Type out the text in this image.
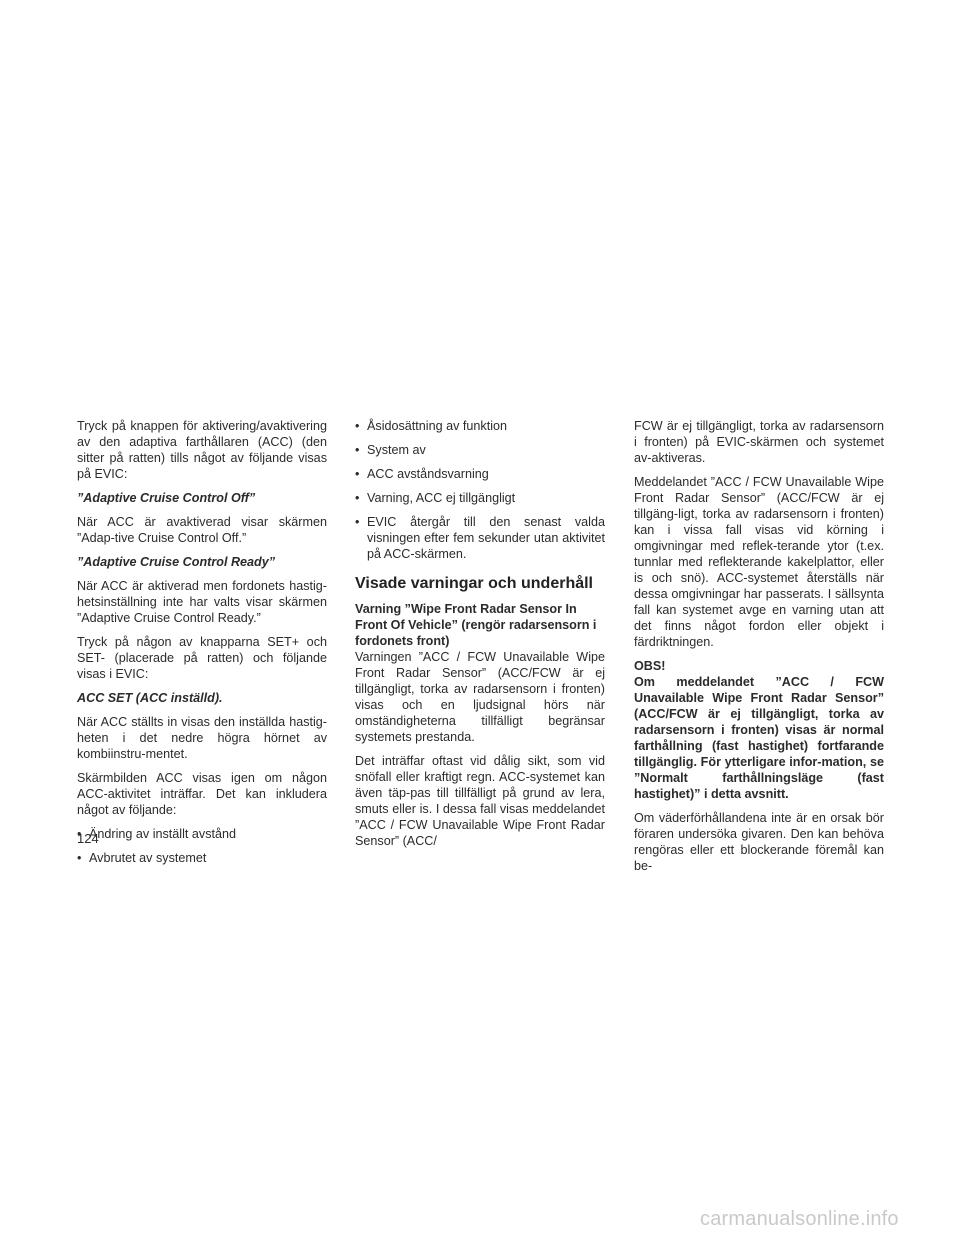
Tryck på knappen för aktivering/avaktivering av den adaptiva farthållaren (ACC) (den sitter på ratten) tills något av följande visas på EVIC:

”Adaptive Cruise Control Off”

När ACC är avaktiverad visar skärmen ”Adap-tive Cruise Control Off.”

”Adaptive Cruise Control Ready”

När ACC är aktiverad men fordonets hastig-hetsinställning inte har valts visar skärmen ”Adaptive Cruise Control Ready.”

Tryck på någon av knapparna SET+ och SET- (placerade på ratten) och följande visas i EVIC:

ACC SET (ACC inställd).

När ACC ställts in visas den inställda hastig-heten i det nedre högra hörnet av kombiinstru-mentet.

Skärmbilden ACC visas igen om någon ACC-aktivitet inträffar. Det kan inkludera något av följande:

• Ändring av inställt avstånd
• Avbrutet av systemet
• Åsidosättning av funktion
• System av
• ACC avståndsvarning
• Varning, ACC ej tillgängligt
• EVIC återgår till den senast valda visningen efter fem sekunder utan aktivitet på ACC-skärmen.
Visade varningar och underhåll

Varning ”Wipe Front Radar Sensor In Front Of Vehicle” (rengör radarsensorn i fordonets front)

Varningen ”ACC / FCW Unavailable Wipe Front Radar Sensor” (ACC/FCW är ej tillgängligt, torka av radarsensorn i fronten) visas och en ljudsignal hörs när omständigheterna tillfälligt begränsar systemets prestanda.

Det inträffar oftast vid dålig sikt, som vid snöfall eller kraftigt regn. ACC-systemet kan även täp-pas till tillfälligt på grund av lera, smuts eller is. I dessa fall visas meddelandet ”ACC / FCW Unavailable Wipe Front Radar Sensor” (ACC/

FCW är ej tillgängligt, torka av radarsensorn i fronten) på EVIC-skärmen och systemet av-aktiveras.

Meddelandet ”ACC / FCW Unavailable Wipe Front Radar Sensor” (ACC/FCW är ej tillgäng-ligt, torka av radarsensorn i fronten) kan i vissa fall visas vid körning i omgivningar med reflek-terande ytor (t.ex. tunnlar med reflekterande kakelplattor, eller is och snö). ACC-systemet återställs när dessa omgivningar har passerats. I sällsynta fall kan systemet avge en varning utan att det finns något fordon eller objekt i färdriktningen.

OBS!

Om meddelandet ”ACC / FCW Unavailable Wipe Front Radar Sensor” (ACC/FCW är ej tillgängligt, torka av radarsensorn i fronten) visas är normal farthållning (fast hastighet) fortfarande tillgänglig. För ytterligare infor-mation, se ”Normalt farthållningsläge (fast hastighet)” i detta avsnitt.

Om väderförhållandena inte är en orsak bör föraren undersöka givaren. Den kan behöva rengöras eller ett blockerande föremål kan be-

124
carmanualsonline.info
